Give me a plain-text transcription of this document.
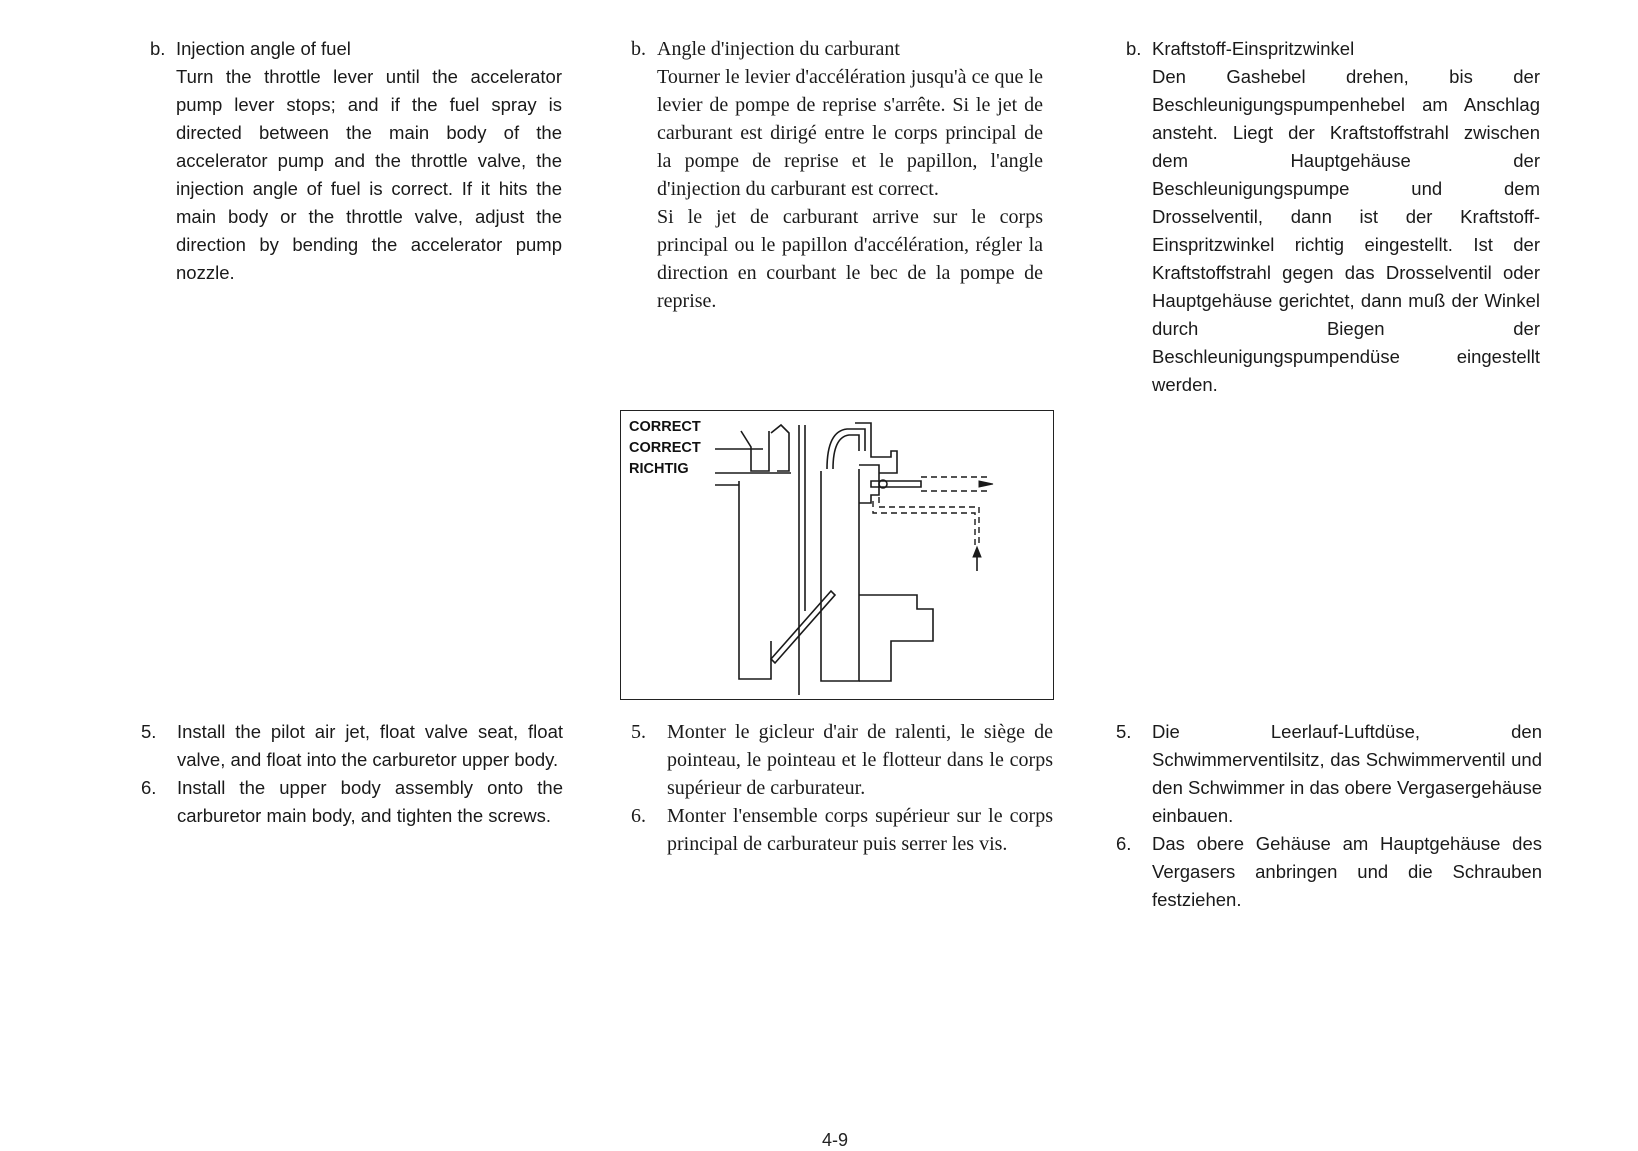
b. Injection angle of fuel
Turn the throttle lever until the accelerator pump lever stops; and if the fuel spray is directed between the main body of the accelerator pump and the throttle valve, the injection angle of fuel is correct. If it hits the main body or the throttle valve, adjust the direction by bending the accelerator pump nozzle.
b. Angle d'injection du carburant
Tourner le levier d'accélération jusqu'à ce que le levier de pompe de reprise s'arrête. Si le jet de carburant est dirigé entre le corps principal de la pompe de reprise et le papillon, l'angle d'injection du carburant est correct.
Si le jet de carburant arrive sur le corps principal ou le papillon d'accélération, régler la direction en courbant le bec de la pompe de reprise.
b. Kraftstoff-Einspritzwinkel
Den Gashebel drehen, bis der Beschleunigungspumpenhebel am Anschlag ansteht. Liegt der Kraftstoffstrahl zwischen dem Hauptgehäuse der Beschleunigungspumpe und dem Drosselventil, dann ist der Kraftstoff-Einspritzwinkel richtig eingestellt. Ist der Kraftstoffstrahl gegen das Drosselventil oder Hauptgehäuse gerichtet, dann muß der Winkel durch Biegen der Beschleunigungspumpendüse eingestellt werden.
CORRECT
CORRECT
RICHTIG
5.	Install the pilot air jet, float valve seat, float valve, and float into the carburetor upper body.
6.	Install the upper body assembly onto the carburetor main body, and tighten the screws.
5.	Monter le gicleur d'air de ralenti, le siège de pointeau, le pointeau et le flotteur dans le corps supérieur de carburateur.
6.	Monter l'ensemble corps supérieur sur le corps principal de carburateur puis serrer les vis.
5.	Die Leerlauf-Luftdüse, den Schwimmerventilsitz, das Schwimmerventil und den Schwimmer in das obere Vergasergehäuse einbauen.
6.	Das obere Gehäuse am Hauptgehäuse des Vergasers anbringen und die Schrauben festziehen.
4-9
